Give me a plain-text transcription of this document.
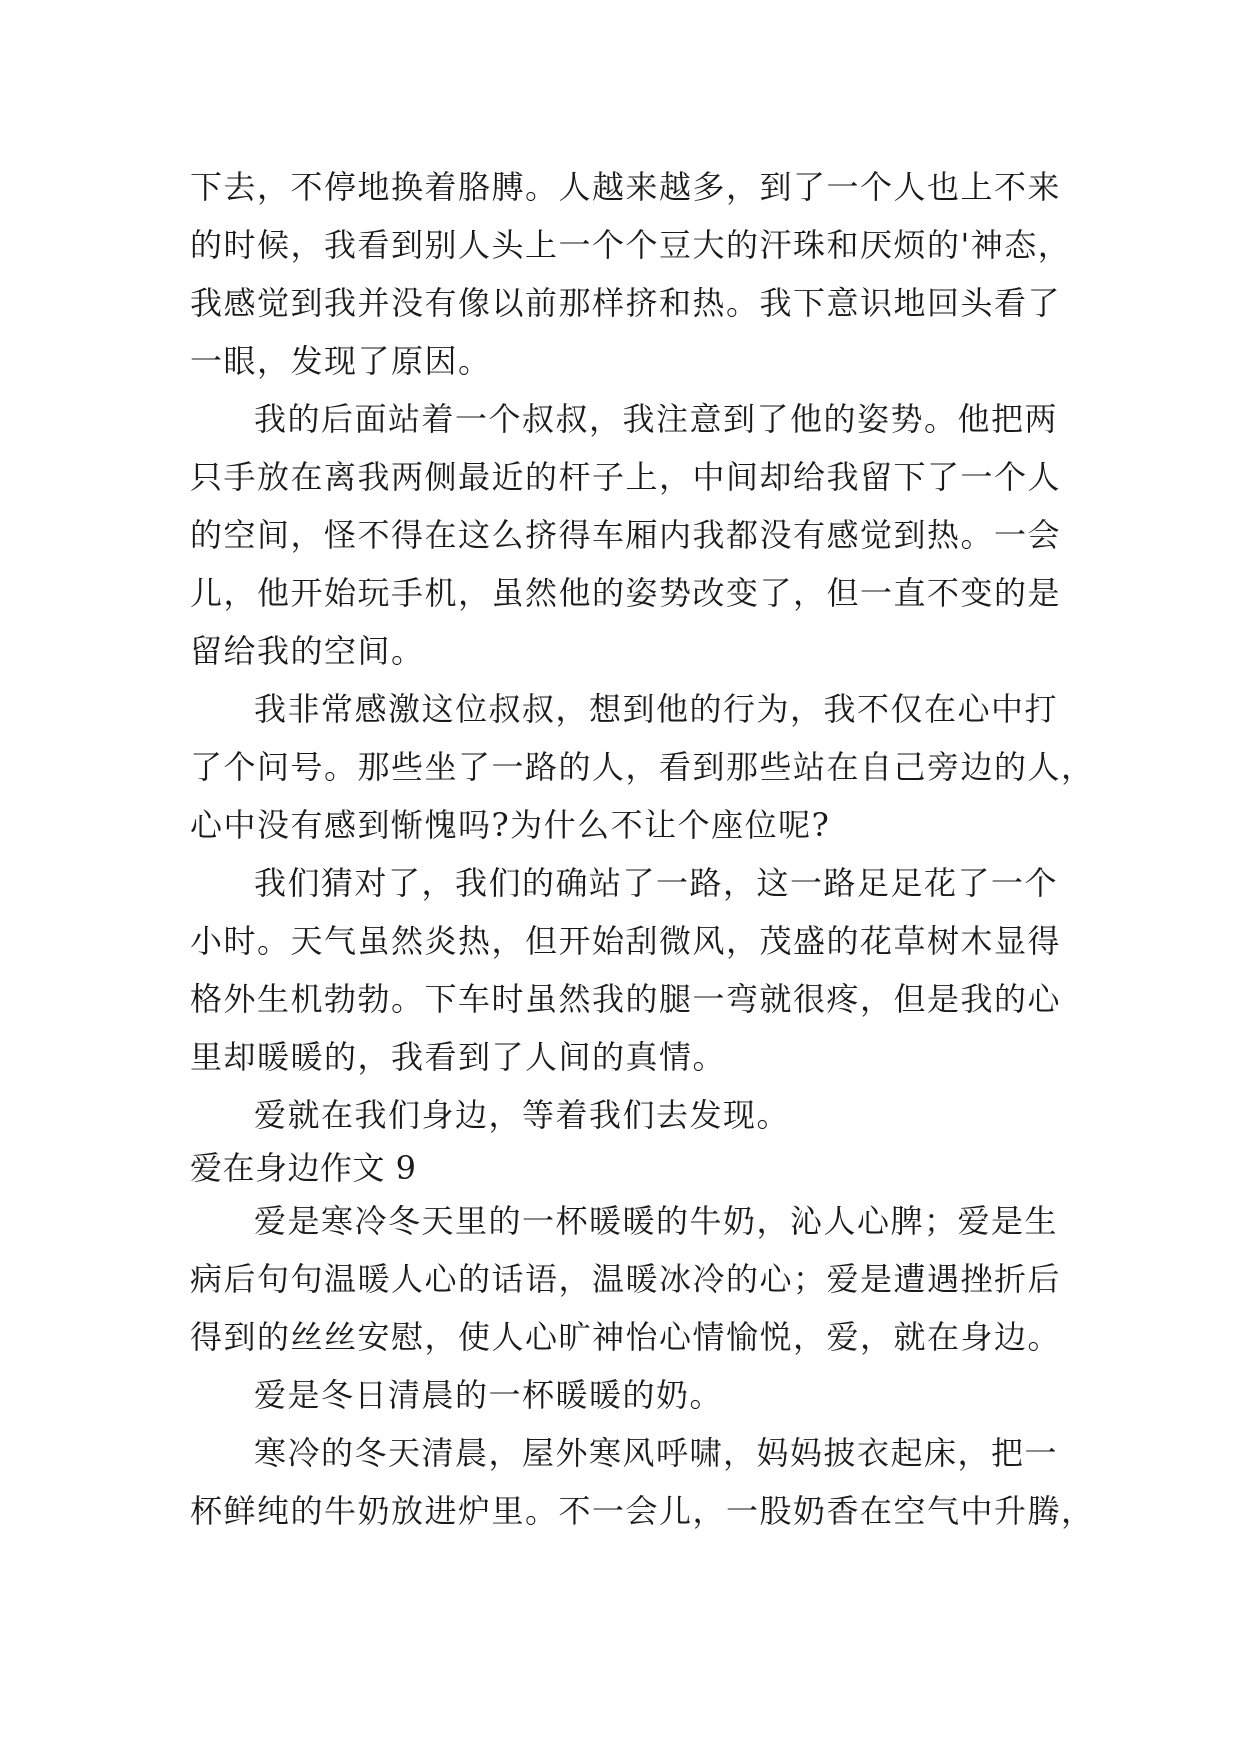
下去，不停地换着胳膊。人越来越多，到了一个人也上不来
的时候，我看到别人头上一个个豆大的汗珠和厌烦的'神态，
我感觉到我并没有像以前那样挤和热。我下意识地回头看了
一眼，发现了原因。
我的后面站着一个叔叔，我注意到了他的姿势。他把两
只手放在离我两侧最近的杆子上，中间却给我留下了一个人
的空间，怪不得在这么挤得车厢内我都没有感觉到热。一会
儿，他开始玩手机，虽然他的姿势改变了，但一直不变的是
留给我的空间。
我非常感激这位叔叔，想到他的行为，我不仅在心中打
了个问号。那些坐了一路的人，看到那些站在自己旁边的人，
心中没有感到惭愧吗?为什么不让个座位呢?
我们猜对了，我们的确站了一路，这一路足足花了一个
小时。天气虽然炎热，但开始刮微风，茂盛的花草树木显得
格外生机勃勃。下车时虽然我的腿一弯就很疼，但是我的心
里却暖暖的，我看到了人间的真情。
爱就在我们身边，等着我们去发现。
爱在身边作文 9
爱是寒冷冬天里的一杯暖暖的牛奶，沁人心脾；爱是生
病后句句温暖人心的话语，温暖冰冷的心；爱是遭遇挫折后
得到的丝丝安慰，使人心旷神怡心情愉悦，爱，就在身边。
爱是冬日清晨的一杯暖暖的奶。
寒冷的冬天清晨，屋外寒风呼啸，妈妈披衣起床，把一
杯鲜纯的牛奶放进炉里。不一会儿，一股奶香在空气中升腾，
